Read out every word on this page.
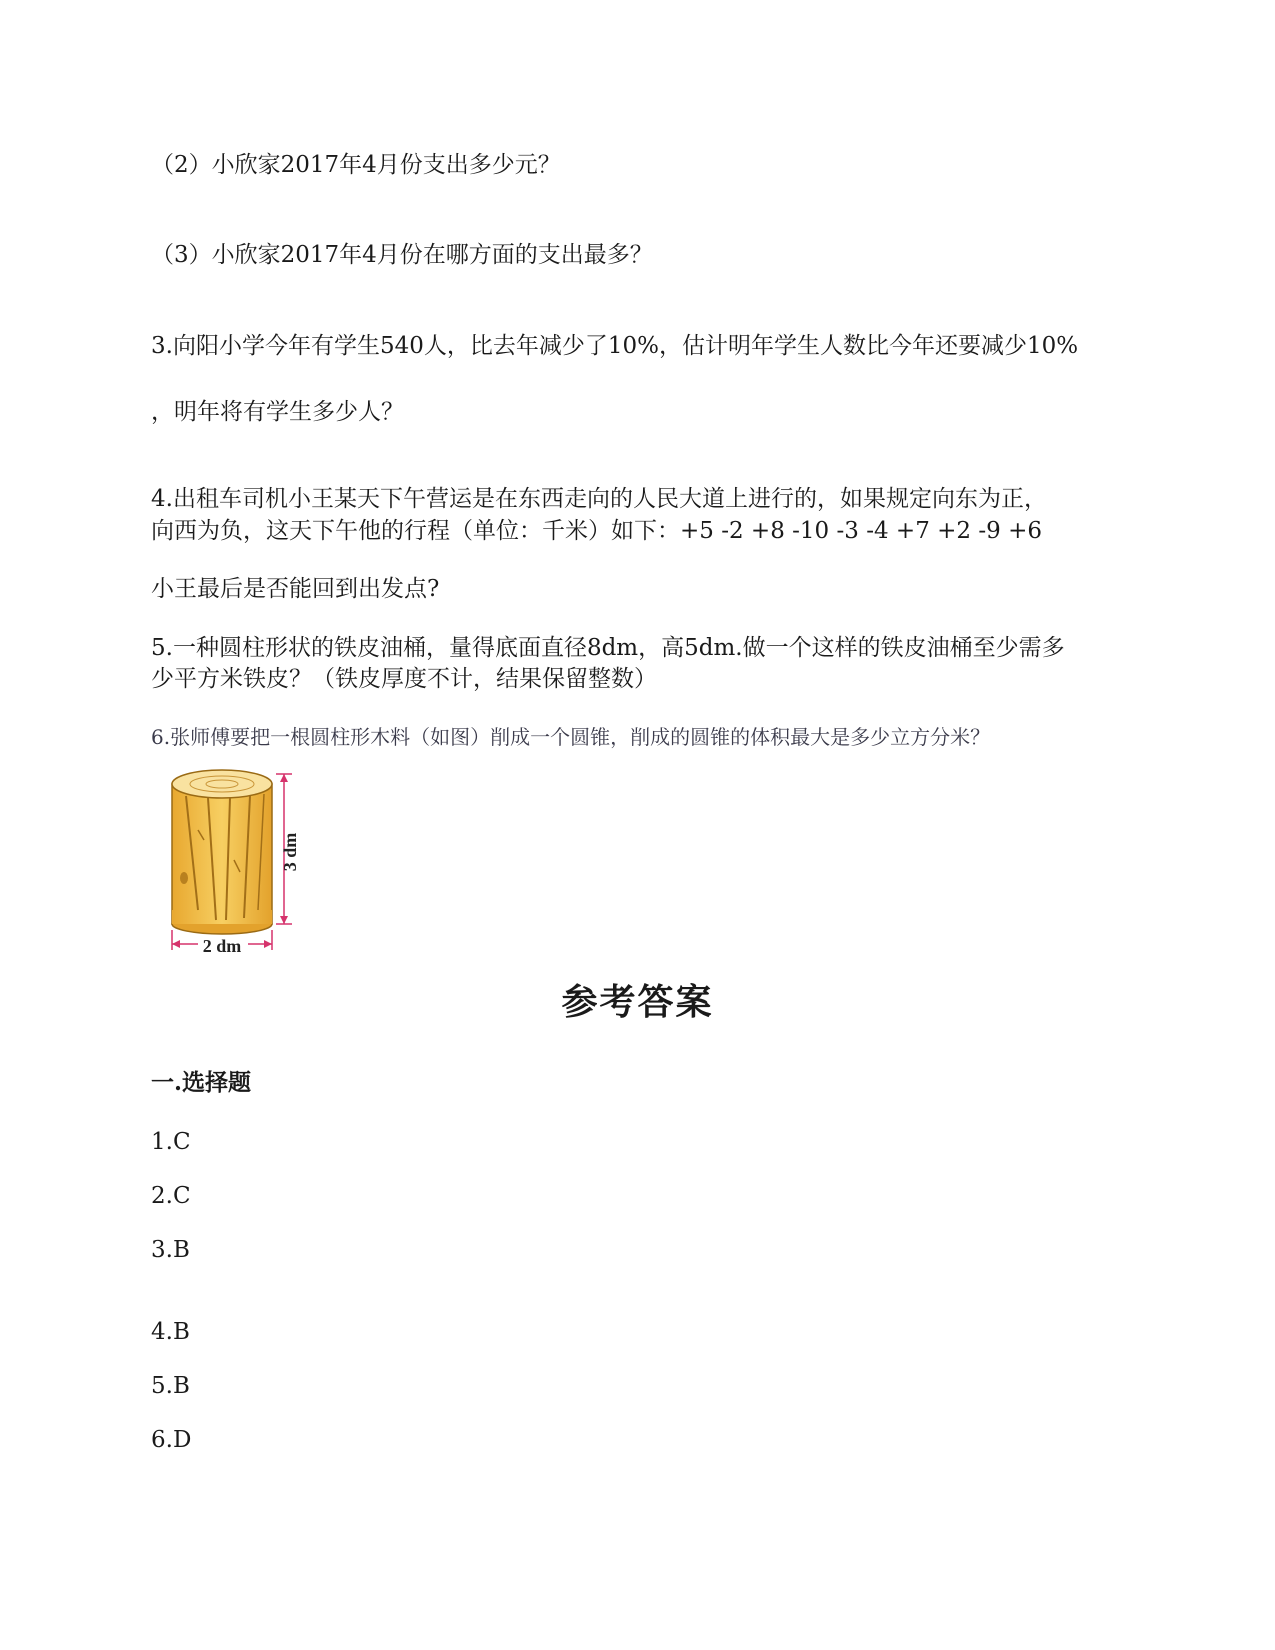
（2）小欣家2017年4月份支出多少元？
（3）小欣家2017年4月份在哪方面的支出最多？
3.向阳小学今年有学生540人，比去年减少了10%，估计明年学生人数比今年还要减少10%
，明年将有学生多少人？
4.出租车司机小王某天下午营运是在东西走向的人民大道上进行的，如果规定向东为正，
向西为负，这天下午他的行程（单位：千米）如下：+5 -2 +8 -10 -3 -4 +7 +2 -9 +6
小王最后是否能回到出发点?
5.一种圆柱形状的铁皮油桶，量得底面直径8dm，高5dm.做一个这样的铁皮油桶至少需多
少平方米铁皮？（铁皮厚度不计，结果保留整数）
6.张师傅要把一根圆柱形木料（如图）削成一个圆锥，削成的圆锥的体积最大是多少立方分米？
3 dm
2 dm
参考答案
一.选择题
1.C
2.C
3.B
4.B
5.B
6.D
